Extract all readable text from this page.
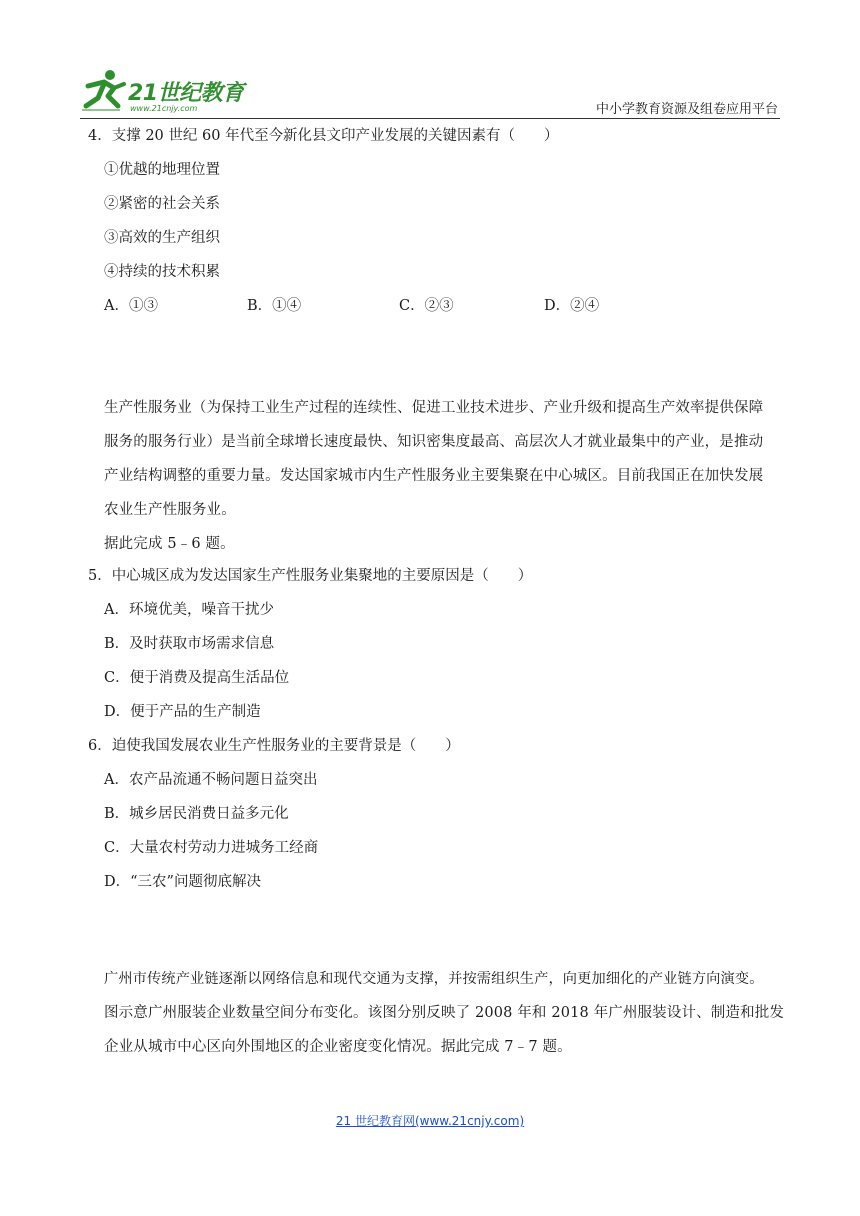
21世纪教育
www.21cnjy.com	中小学教育资源及组卷应用平台
4．支撑 20 世纪 60 年代至今新化县文印产业发展的关键因素有（　　）
①优越的地理位置
②紧密的社会关系
③高效的生产组织
④持续的技术积累
A．①③	B．①④	C．②③	D．②④
生产性服务业（为保持工业生产过程的连续性、促进工业技术进步、产业升级和提高生产效率提供保障
服务的服务行业）是当前全球增长速度最快、知识密集度最高、高层次人才就业最集中的产业，是推动
产业结构调整的重要力量。发达国家城市内生产性服务业主要集聚在中心城区。目前我国正在加快发展
农业生产性服务业。
据此完成 5﹣6 题。
5．中心城区成为发达国家生产性服务业集聚地的主要原因是（　　）
A．环境优美，噪音干扰少
B．及时获取市场需求信息
C．便于消费及提高生活品位
D．便于产品的生产制造
6．迫使我国发展农业生产性服务业的主要背景是（　　）
A．农产品流通不畅问题日益突出
B．城乡居民消费日益多元化
C．大量农村劳动力进城务工经商
D．“三农”问题彻底解决
广州市传统产业链逐渐以网络信息和现代交通为支撑，并按需组织生产，向更加细化的产业链方向演变。
图示意广州服装企业数量空间分布变化。该图分别反映了 2008 年和 2018 年广州服装设计、制造和批发
企业从城市中心区向外围地区的企业密度变化情况。据此完成 7﹣7 题。
21 世纪教育网(www.21cnjy.com)
